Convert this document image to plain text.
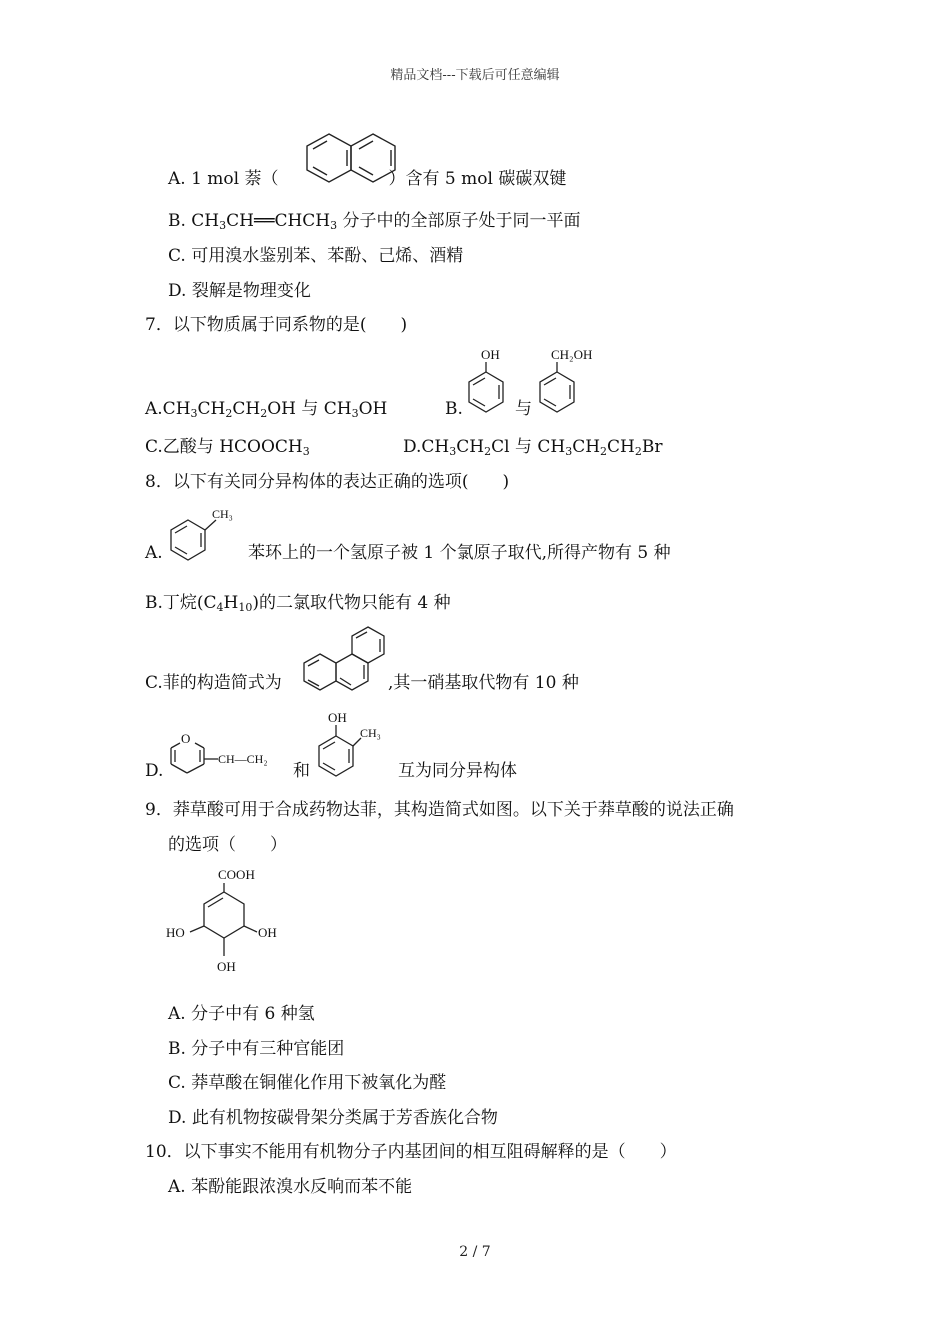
精品文档---下载后可任意编辑
A. 1 mol 萘（	）含有 5 mol 碳碳双键
B. $CH_3CH══CHCH_3$ 分子中的全部原子处于同一平面
C. 可用溴水鉴别苯、苯酚、己烯、酒精
D. 裂解是物理变化
7．以下物质属于同系物的是(　　)
$A.CH_3CH_2CH_2OH$ 与 $CH_3OH$	B.
OH
与
CH₂OH
C.乙酸与 $HCOOCH_3$	$D.CH_3CH_2Cl$ 与 $CH_3CH_2CH_2Br$
8．以下有关同分异构体的表达正确的选项(　　)
A.
CH₃
苯环上的一个氢原子被 1 个氯原子取代,所得产物有 5 种
B.丁烷$(C_4H_{10})$的二氯取代物只能有 4 种
C.菲的构造简式为	,其一硝基取代物有 10 种
D.
O
CH—CH₂
和
OH
CH₃
互为同分异构体
9．莽草酸可用于合成药物达菲，其构造简式如图。以下关于莽草酸的说法正确
的选项（　　）
COOH
HO	OH
OH
A. 分子中有 6 种氢
B. 分子中有三种官能团
C. 莽草酸在铜催化作用下被氧化为醛
D. 此有机物按碳骨架分类属于芳香族化合物
10．以下事实不能用有机物分子内基团间的相互阻碍解释的是（　　）
A. 苯酚能跟浓溴水反响而苯不能
2 / 7
